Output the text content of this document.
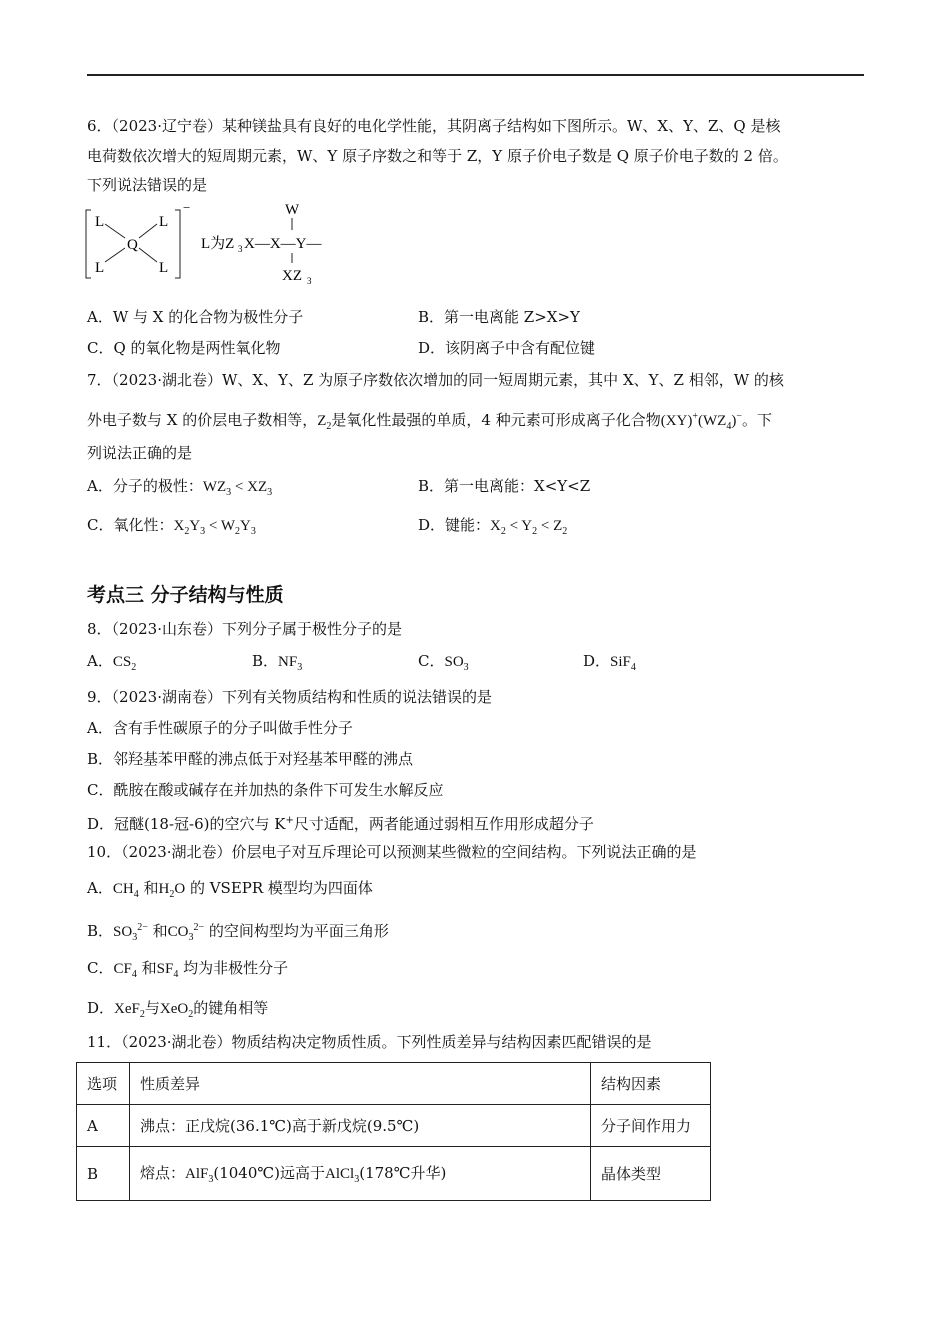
6．（2023·辽宁卷）某种镁盐具有良好的电化学性能，其阴离子结构如下图所示。W、X、Y、Z、Q 是核
电荷数依次增大的短周期元素，W、Y 原子序数之和等于 Z，Y 原子价电子数是 Q 原子价电子数的 2 倍。
下列说法错误的是
L	L
L	L
Q
−
L为Z 3
W
X—X—Y—
XZ 3
A．W 与 X 的化合物为极性分子	B．第一电离能 Z>X>Y
C．Q 的氧化物是两性氧化物	D．该阴离子中含有配位键
7．（2023·湖北卷）W、X、Y、Z 为原子序数依次增加的同一短周期元素，其中 X、Y、Z 相邻，W 的核
外电子数与 X 的价层电子数相等，$Z_2$是氧化性最强的单质，4 种元素可形成离子化合物$(XY)^+(WZ_4)^-$。下
列说法正确的是
A．分子的极性：$WZ_3 < XZ_3$	B．第一电离能：X<Y<Z
C．氧化性：$X_2Y_3 < W_2Y_3$	D．键能：$X_2 < Y_2 < Z_2$
考点三 分子结构与性质
8．（2023·山东卷）下列分子属于极性分子的是
A．$CS_2$	B．$NF_3$	C．$SO_3$	D．SiF$_4$
9．（2023·湖南卷）下列有关物质结构和性质的说法错误的是
A．含有手性碳原子的分子叫做手性分子
B．邻羟基苯甲醛的沸点低于对羟基苯甲醛的沸点
C．酰胺在酸或碱存在并加热的条件下可发生水解反应
D．冠醚(18-冠-6)的空穴与 K+尺寸适配，两者能通过弱相互作用形成超分子
10．（2023·湖北卷）价层电子对互斥理论可以预测某些微粒的空间结构。下列说法正确的是
A．$CH_4$ 和$H_2O$ 的 VSEPR 模型均为四面体
B．$SO_3^{2-}$ 和$CO_3^{2-}$ 的空间构型均为平面三角形
C．$CF_4$ 和$SF_4$ 均为非极性分子
D．XeF$_2$与XeO$_2$的键角相等
11．（2023·湖北卷）物质结构决定物质性质。下列性质差异与结构因素匹配错误的是
选项	性质差异	结构因素
A	沸点：正戊烷(36.1℃)高于新戊烷(9.5℃)	分子间作用力
B	熔点：AlF$_3$(1040℃)远高于AlCl$_3$(178℃升华)	晶体类型
